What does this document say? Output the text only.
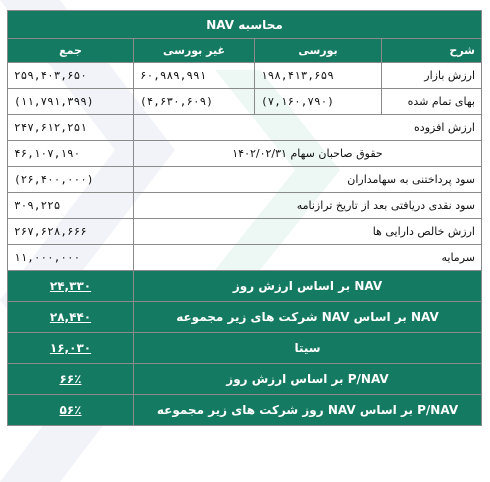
محاسبه NAV			
شرح	بورسی	غیر بورسی	جمع
ارزش بازار	۱۹۸,۴۱۳,۶۵۹	۶۰,۹۸۹,۹۹۱	۲۵۹,۴۰۳,۶۵۰
بهای تمام شده	(۷,۱۶۰,۷۹۰)	(۴,۶۳۰,۶۰۹)	(۱۱,۷۹۱,۳۹۹)
ارزش افزوده			۲۴۷,۶۱۲,۲۵۱
حقوق صاحبان سهام ۱۴۰۲/۰۲/۳۱			۴۶,۱۰۷,۱۹۰
سود پرداختنی به سهامداران			(۲۶,۴۰۰,۰۰۰)
سود نقدی دریافتی بعد از تاریخ ترازنامه			۳۰۹,۲۲۵
ارزش خالص دارایی ها			۲۶۷,۶۲۸,۶۶۶
سرمایه			۱۱,۰۰۰,۰۰۰
NAV بر اساس ارزش روز			۲۴,۳۳۰
NAV بر اساس NAV شرکت های زیر مجموعه			۲۸,۴۴۰
سیتا			۱۶,۰۳۰
P/NAV بر اساس ارزش روز			۶۶٪
P/NAV بر اساس NAV روز شرکت های زیر مجموعه			۵۶٪
